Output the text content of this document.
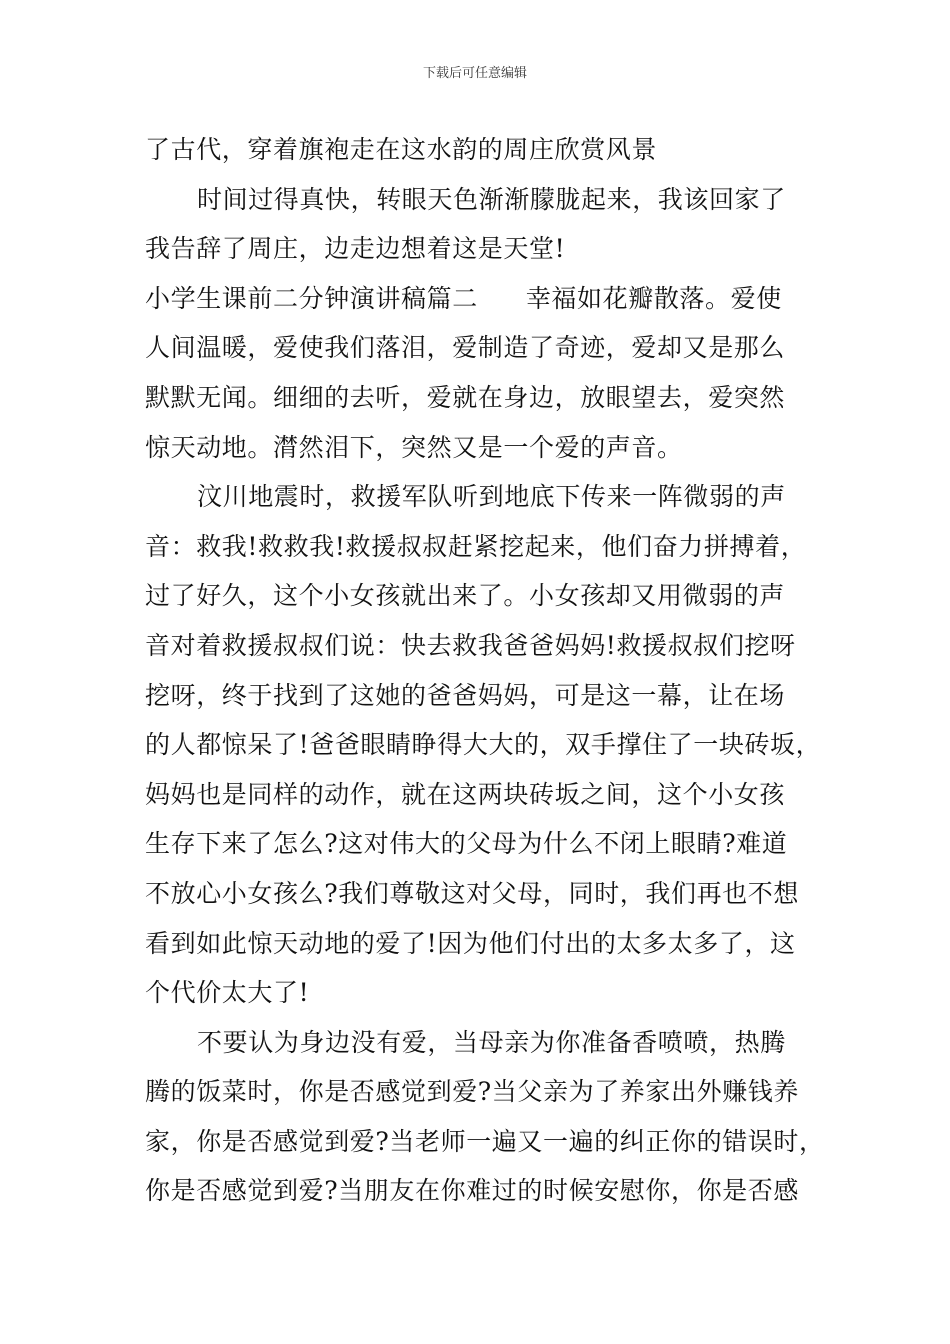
下载后可任意编辑
了古代，穿着旗袍走在这水韵的周庄欣赏风景
时间过得真快，转眼天色渐渐朦胧起来，我该回家了
我告辞了周庄，边走边想着这是天堂!
小学生课前二分钟演讲稿篇二 幸福如花瓣散落。爱使
人间温暖，爱使我们落泪，爱制造了奇迹，爱却又是那么
默默无闻。细细的去听，爱就在身边，放眼望去，爱突然
惊天动地。潸然泪下，突然又是一个爱的声音。
汶川地震时，救援军队听到地底下传来一阵微弱的声
音：救我!救救我!救援叔叔赶紧挖起来，他们奋力拼搏着，
过了好久，这个小女孩就出来了。小女孩却又用微弱的声
音对着救援叔叔们说：快去救我爸爸妈妈!救援叔叔们挖呀
挖呀，终于找到了这她的爸爸妈妈，可是这一幕，让在场
的人都惊呆了!爸爸眼睛睁得大大的，双手撑住了一块砖坂，
妈妈也是同样的动作，就在这两块砖坂之间，这个小女孩
生存下来了怎么?这对伟大的父母为什么不闭上眼睛?难道
不放心小女孩么?我们尊敬这对父母，同时，我们再也不想
看到如此惊天动地的爱了!因为他们付出的太多太多了，这
个代价太大了!
不要认为身边没有爱，当母亲为你准备香喷喷，热腾
腾的饭菜时，你是否感觉到爱?当父亲为了养家出外赚钱养
家，你是否感觉到爱?当老师一遍又一遍的纠正你的错误时，
你是否感觉到爱?当朋友在你难过的时候安慰你，你是否感
